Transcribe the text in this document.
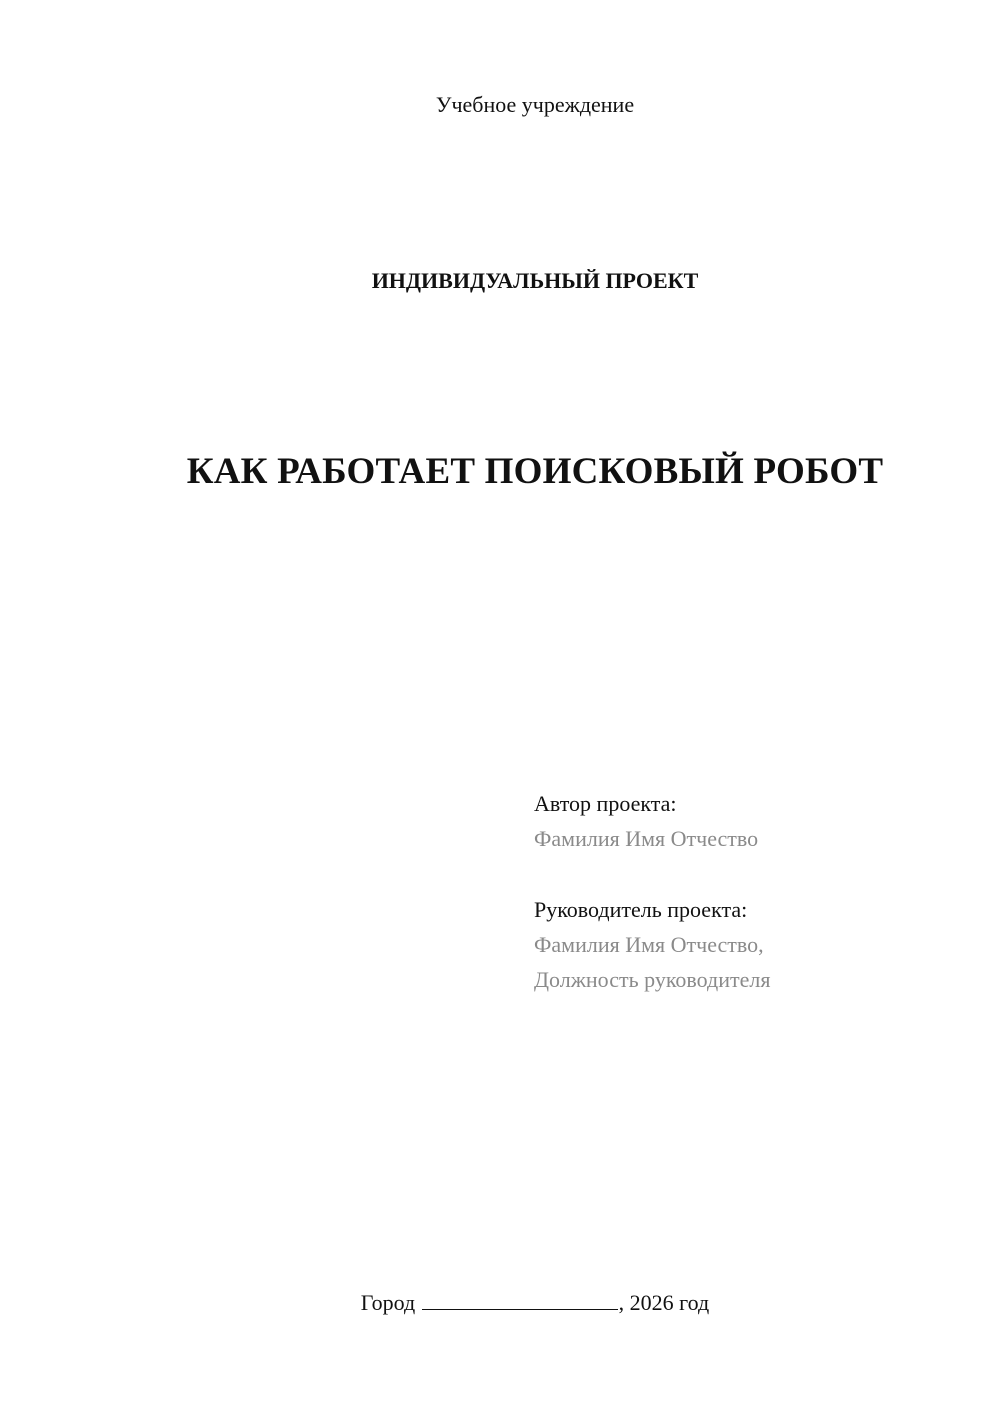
Учебное учреждение
ИНДИВИДУАЛЬНЫЙ ПРОЕКТ
КАК РАБОТАЕТ ПОИСКОВЫЙ РОБОТ
Автор проекта:
Фамилия Имя Отчество
Руководитель проекта:
Фамилия Имя Отчество,
Должность руководителя
Город	, 2026 год
